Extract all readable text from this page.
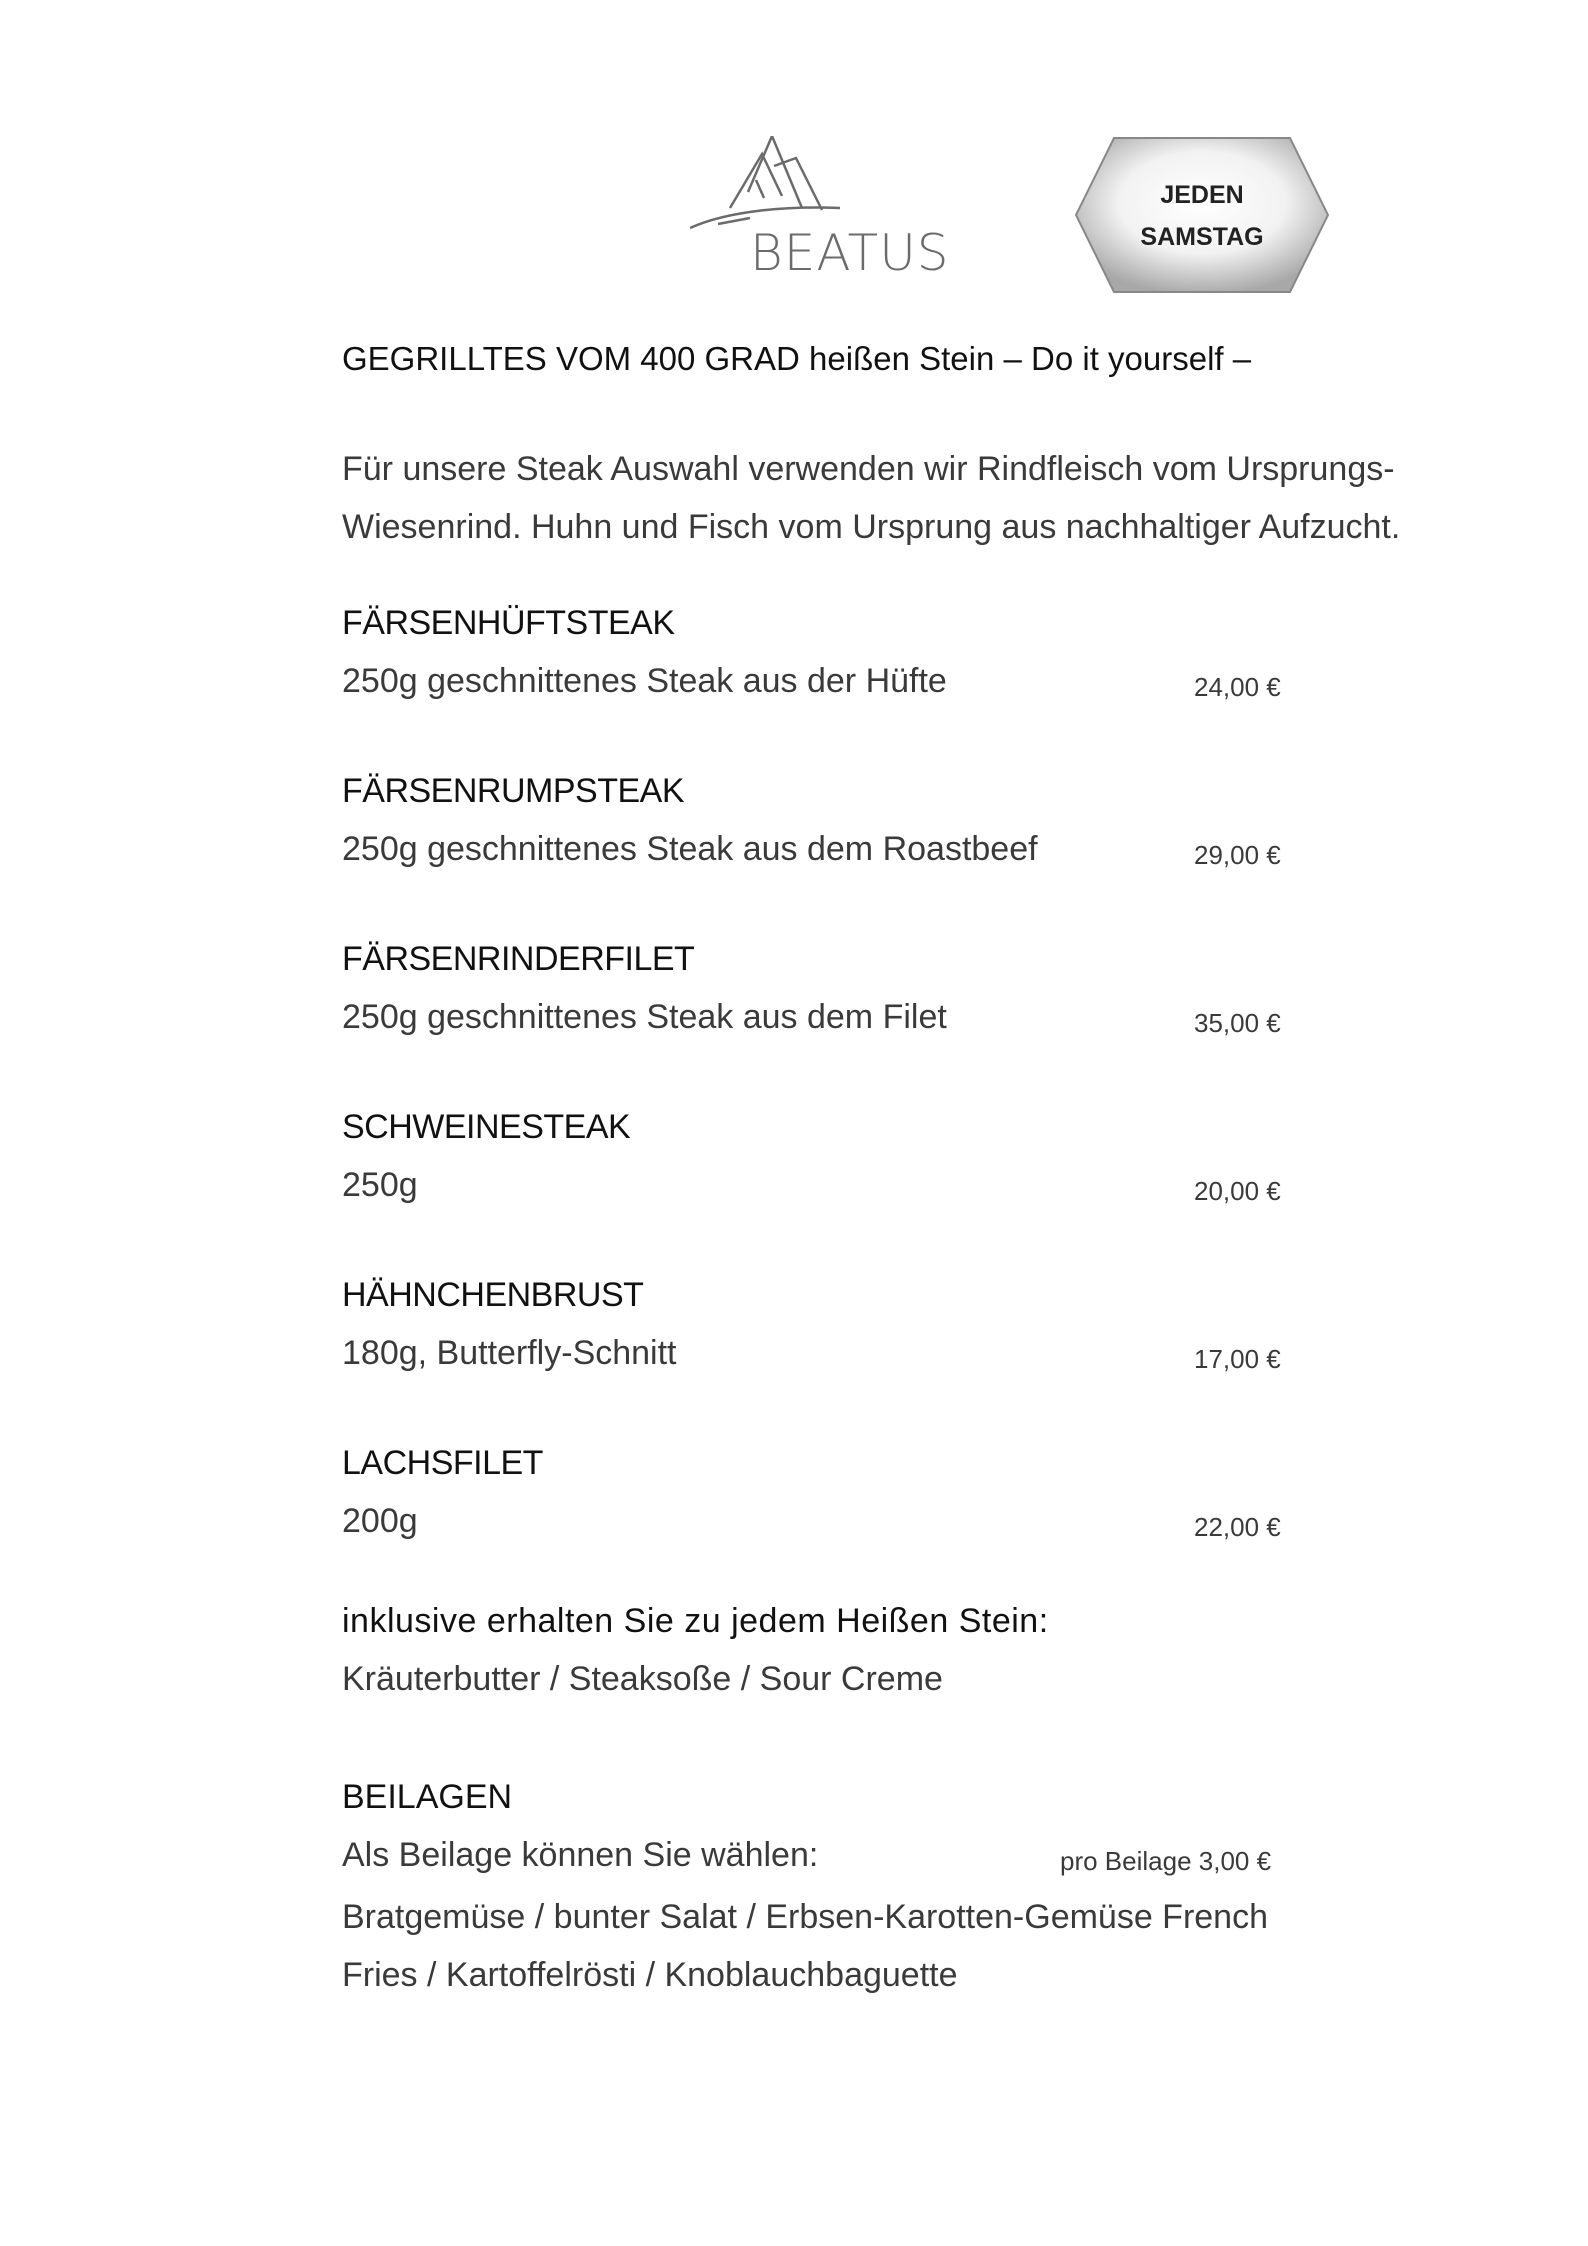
BEATUS
JEDEN
SAMSTAG
GEGRILLTES VOM 400 GRAD heißen Stein – Do it yourself –
Für unsere Steak Auswahl verwenden wir Rindfleisch vom Ursprungs-Wiesenrind. Huhn und Fisch vom Ursprung aus nachhaltiger Aufzucht.
FÄRSENHÜFTSTEAK
250g geschnittenes Steak aus der Hüfte	24,00 €
FÄRSENRUMPSTEAK
250g geschnittenes Steak aus dem Roastbeef	29,00 €
FÄRSENRINDERFILET
250g geschnittenes Steak aus dem Filet	35,00 €
SCHWEINESTEAK
250g	20,00 €
HÄHNCHENBRUST
180g, Butterfly-Schnitt	17,00 €
LACHSFILET
200g	22,00 €
inklusive erhalten Sie zu jedem Heißen Stein:
Kräuterbutter / Steaksoße / Sour Creme
BEILAGEN
Als Beilage können Sie wählen:	pro Beilage 3,00 €
Bratgemüse / bunter Salat / Erbsen-Karotten-Gemüse French Fries / Kartoffelrösti / Knoblauchbaguette
